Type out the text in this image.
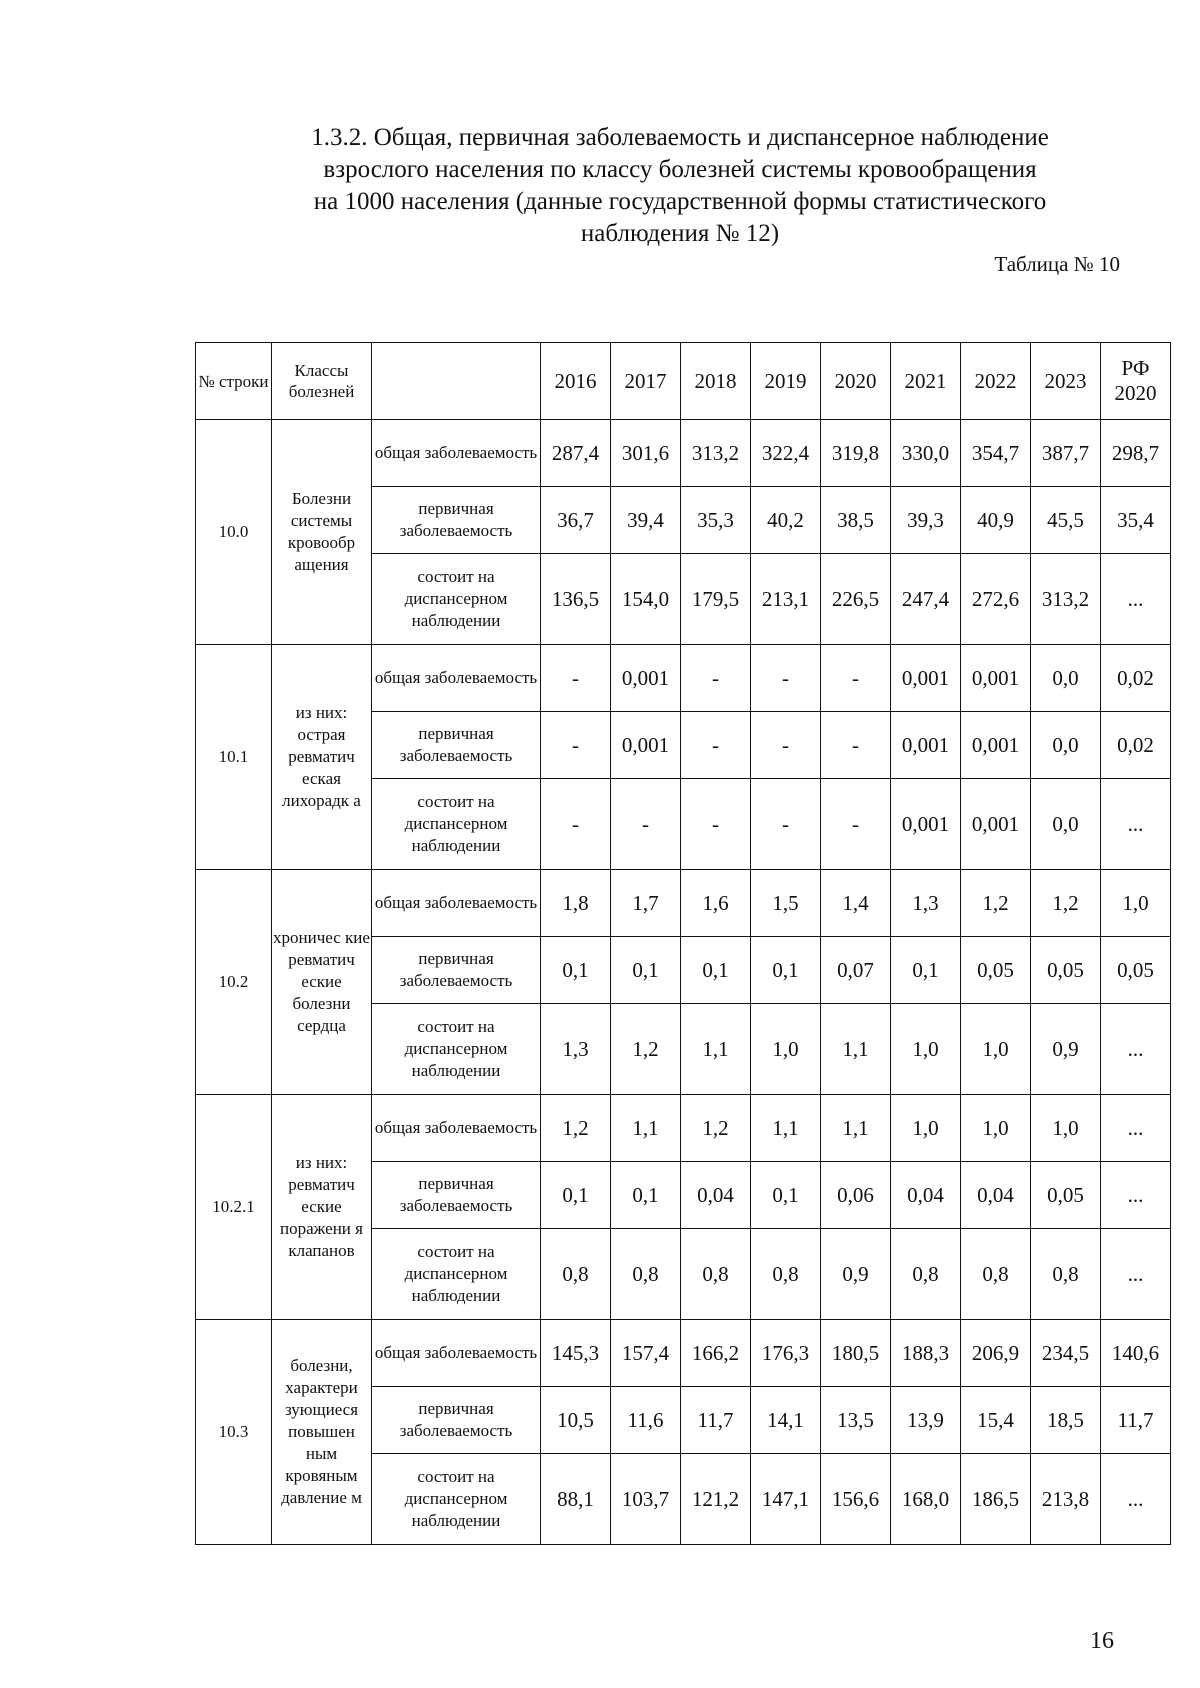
1.3.2. Общая, первичная заболеваемость и диспансерное наблюдение
взрослого населения по классу болезней системы кровообращения
на 1000 населения (данные государственной формы статистического
наблюдения № 12)
Таблица № 10
№ строки	Классы болезней		2016	2017	2018	2019	2020	2021	2022	2023	РФ 2020
10.0	Болезни системы кровообр ащения	общая заболеваемость	287,4	301,6	313,2	322,4	319,8	330,0	354,7	387,7	298,7
		первичная заболеваемость	36,7	39,4	35,3	40,2	38,5	39,3	40,9	45,5	35,4
		состоит на диспансерном наблюдении	136,5	154,0	179,5	213,1	226,5	247,4	272,6	313,2	...
10.1	из них: острая ревматич еская лихорадк а	общая заболеваемость	-	0,001	-	-	-	0,001	0,001	0,0	0,02
		первичная заболеваемость	-	0,001	-	-	-	0,001	0,001	0,0	0,02
		состоит на диспансерном наблюдении	-	-	-	-	-	0,001	0,001	0,0	...
10.2	хроничес кие ревматич еские болезни сердца	общая заболеваемость	1,8	1,7	1,6	1,5	1,4	1,3	1,2	1,2	1,0
		первичная заболеваемость	0,1	0,1	0,1	0,1	0,07	0,1	0,05	0,05	0,05
		состоит на диспансерном наблюдении	1,3	1,2	1,1	1,0	1,1	1,0	1,0	0,9	...
10.2.1	из них: ревматич еские поражени я клапанов	общая заболеваемость	1,2	1,1	1,2	1,1	1,1	1,0	1,0	1,0	...
		первичная заболеваемость	0,1	0,1	0,04	0,1	0,06	0,04	0,04	0,05	...
		состоит на диспансерном наблюдении	0,8	0,8	0,8	0,8	0,9	0,8	0,8	0,8	...
10.3	болезни, характери зующиеся повышен ным кровяным давление м	общая заболеваемость	145,3	157,4	166,2	176,3	180,5	188,3	206,9	234,5	140,6
		первичная заболеваемость	10,5	11,6	11,7	14,1	13,5	13,9	15,4	18,5	11,7
		состоит на диспансерном наблюдении	88,1	103,7	121,2	147,1	156,6	168,0	186,5	213,8	...
16
